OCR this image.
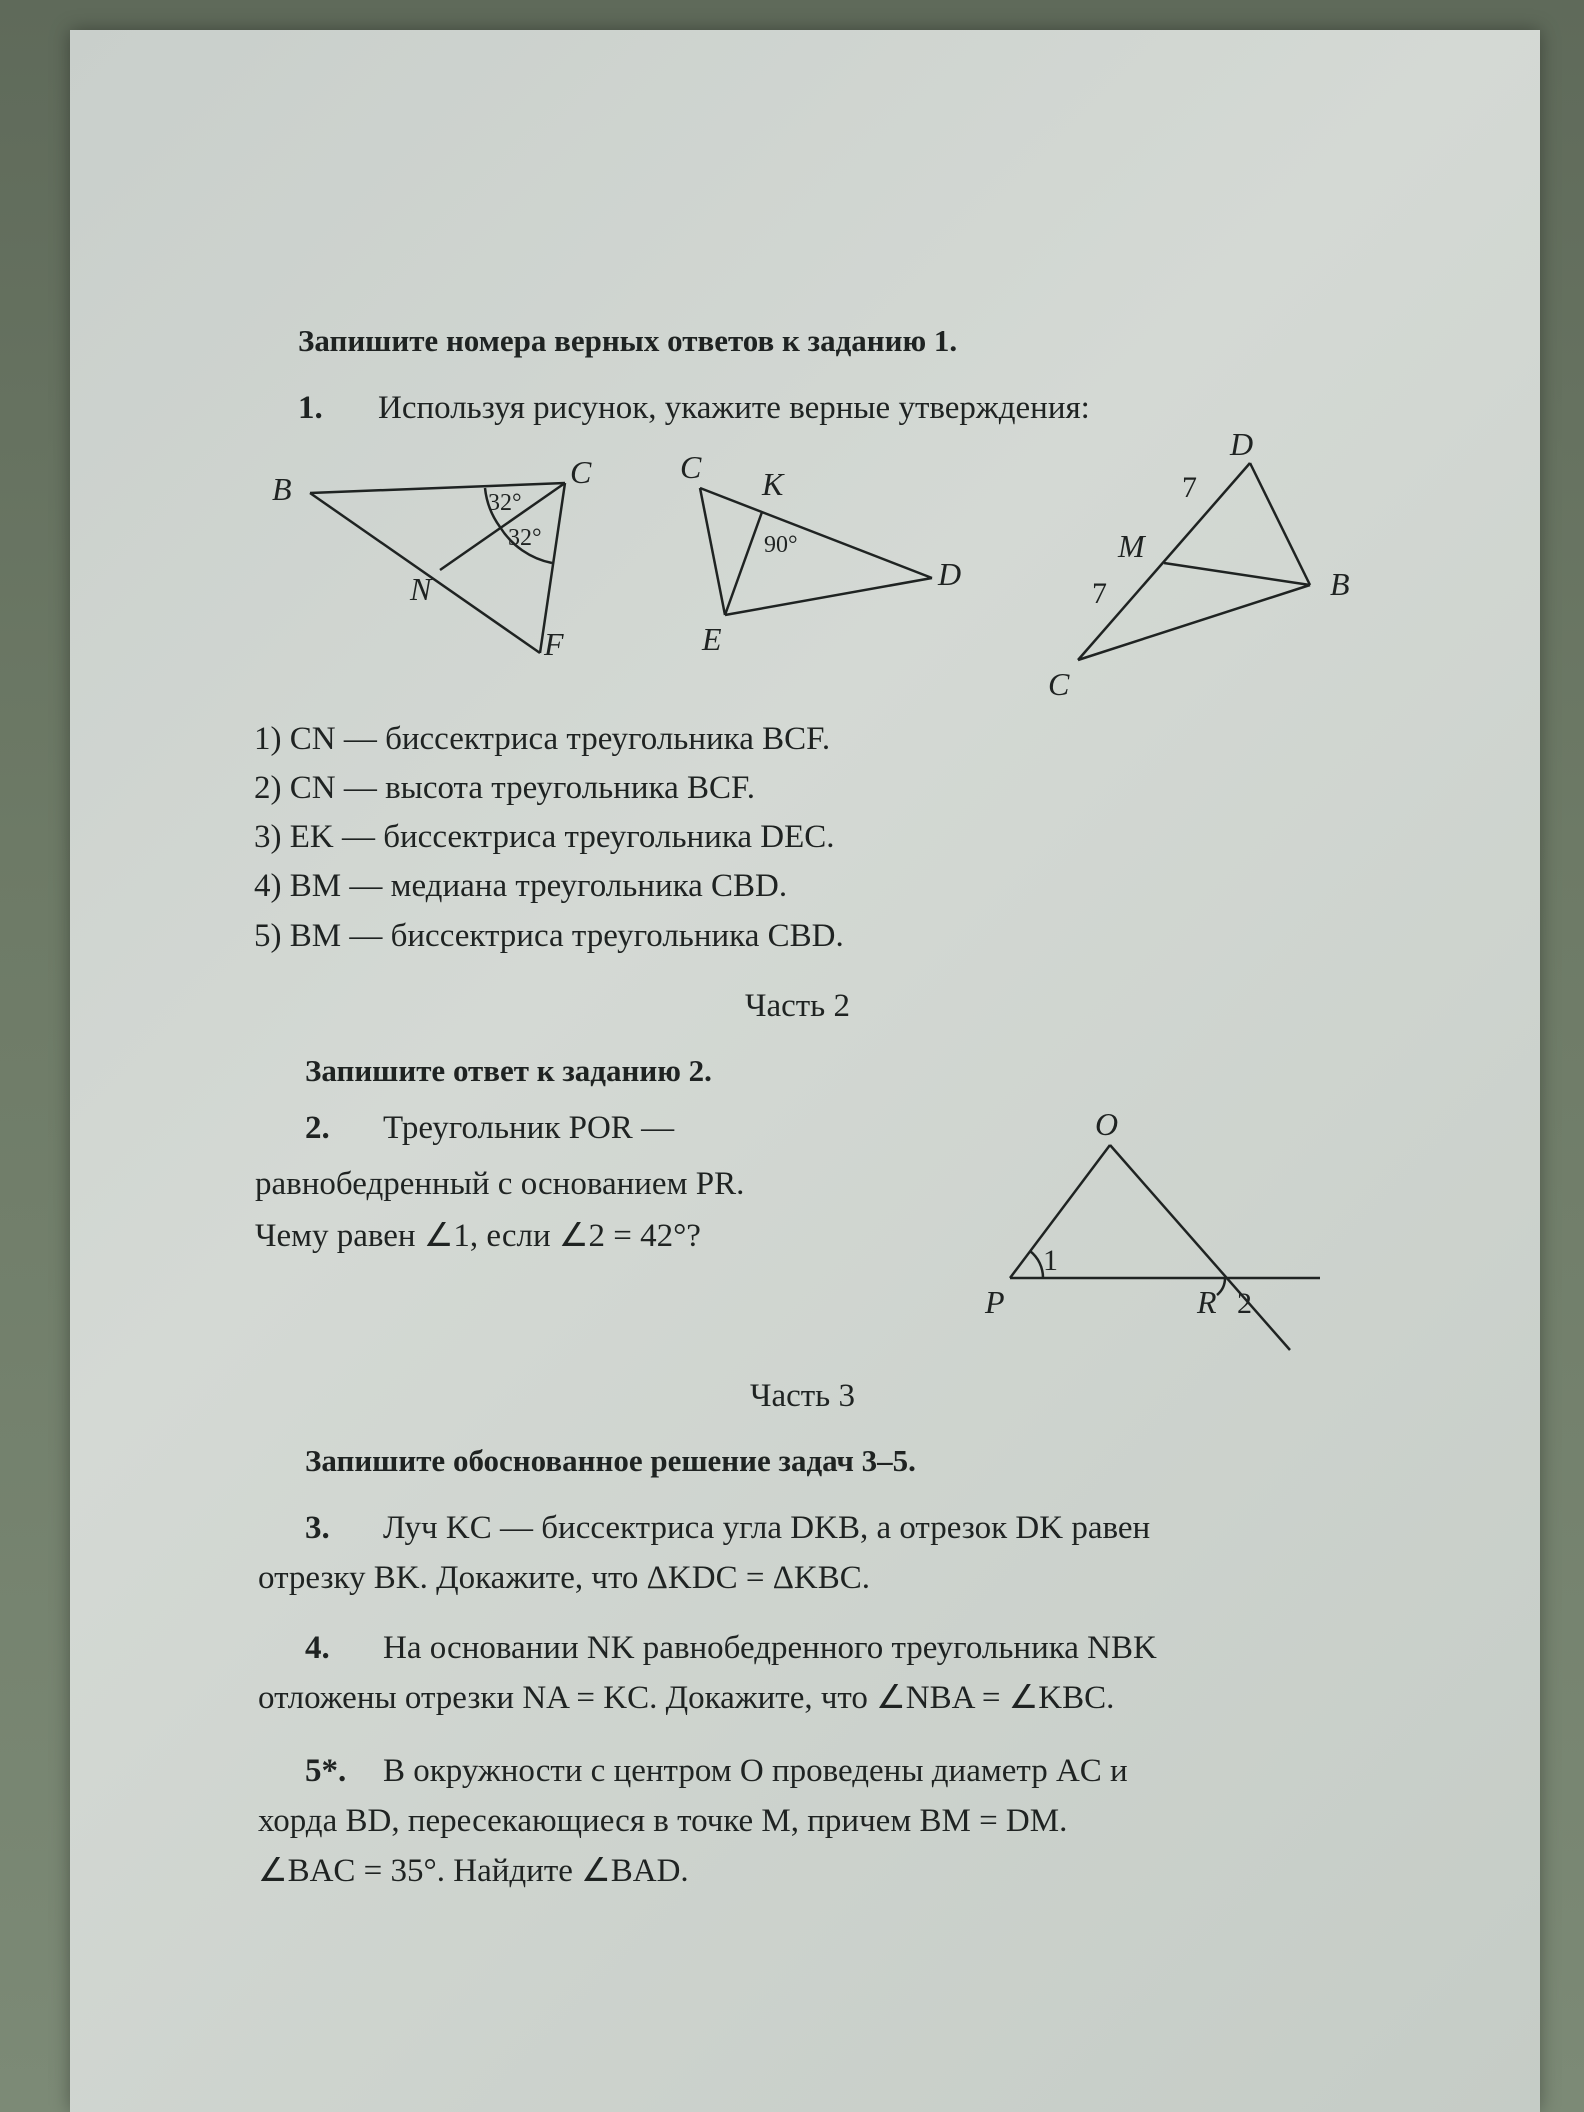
Запишите номера верных ответов к заданию 1.
1. Используя рисунок, укажите верные утверждения:
B	C
N
F
32°
32°
C K
D
E
90°
D
M
B
C
7
7
1) CN — биссектриса треугольника BCF.
2) CN — высота треугольника BCF.
3) EK — биссектриса треугольника DEC.
4) BM — медиана треугольника CBD.
5) BM — биссектриса треугольника CBD.
Часть 2
Запишите ответ к заданию 2.
2. Треугольник POR —
равнобедренный с основанием PR.
Чему равен ∠1, если ∠2 = 42°?
O
P	R
1
2
Часть 3
Запишите обоснованное решение задач 3–5.
3. Луч KC — биссектриса угла DKB, а отрезок DK равен
отрезку BK. Докажите, что ΔKDC = ΔKBC.
4. На основании NK равнобедренного треугольника NBK
отложены отрезки NA = KC. Докажите, что ∠NBA = ∠KBC.
5*. В окружности с центром O проведены диаметр AC и
хорда BD, пересекающиеся в точке M, причем BM = DM.
∠BAC = 35°. Найдите ∠BAD.
